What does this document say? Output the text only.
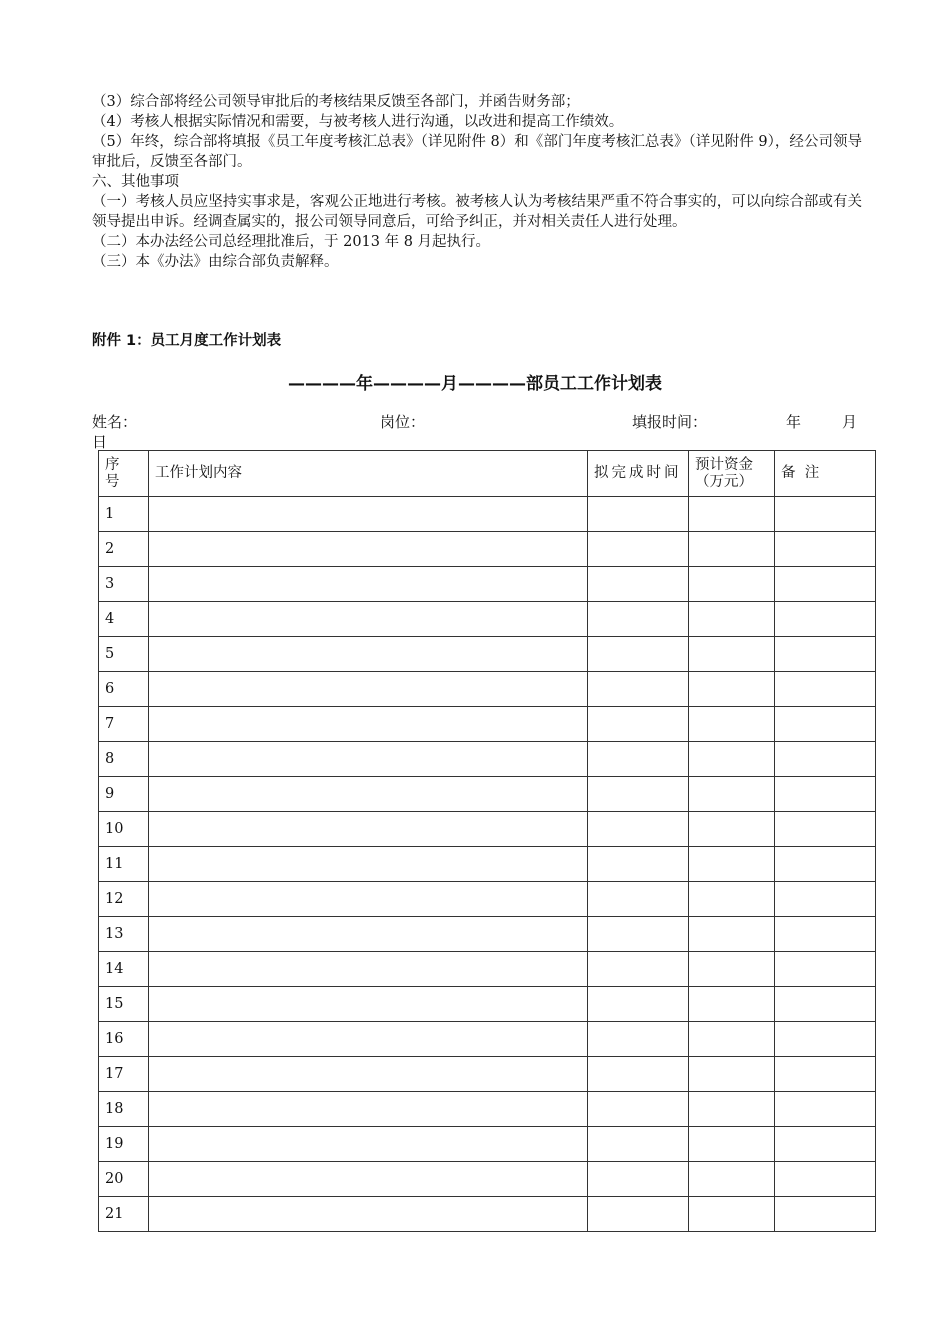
（3）综合部将经公司领导审批后的考核结果反馈至各部门，并函告财务部；

（4）考核人根据实际情况和需要，与被考核人进行沟通，以改进和提高工作绩效。

（5）年终，综合部将填报《员工年度考核汇总表》（详见附件 8）和《部门年度考核汇总表》（详见附件 9），经公司领导审批后，反馈至各部门。

六、其他事项

（一）考核人员应坚持实事求是，客观公正地进行考核。被考核人认为考核结果严重不符合事实的，可以向综合部或有关领导提出申诉。经调查属实的，报公司领导同意后，可给予纠正，并对相关责任人进行处理。

（二）本办法经公司总经理批准后，于 2013 年 8 月起执行。

（三）本《办法》由综合部负责解释。

附件 1：员工月度工作计划表
————年————月————部员工工作计划表
姓名：	岗位：	填报时间：	年	月
日
序号	工作计划内容	拟完成时间	预计资金（万元）	备  注
1				
2				
3				
4				
5				
6				
7				
8				
9				
10				
11				
12				
13				
14				
15				
16				
17				
18				
19				
20				
21				
